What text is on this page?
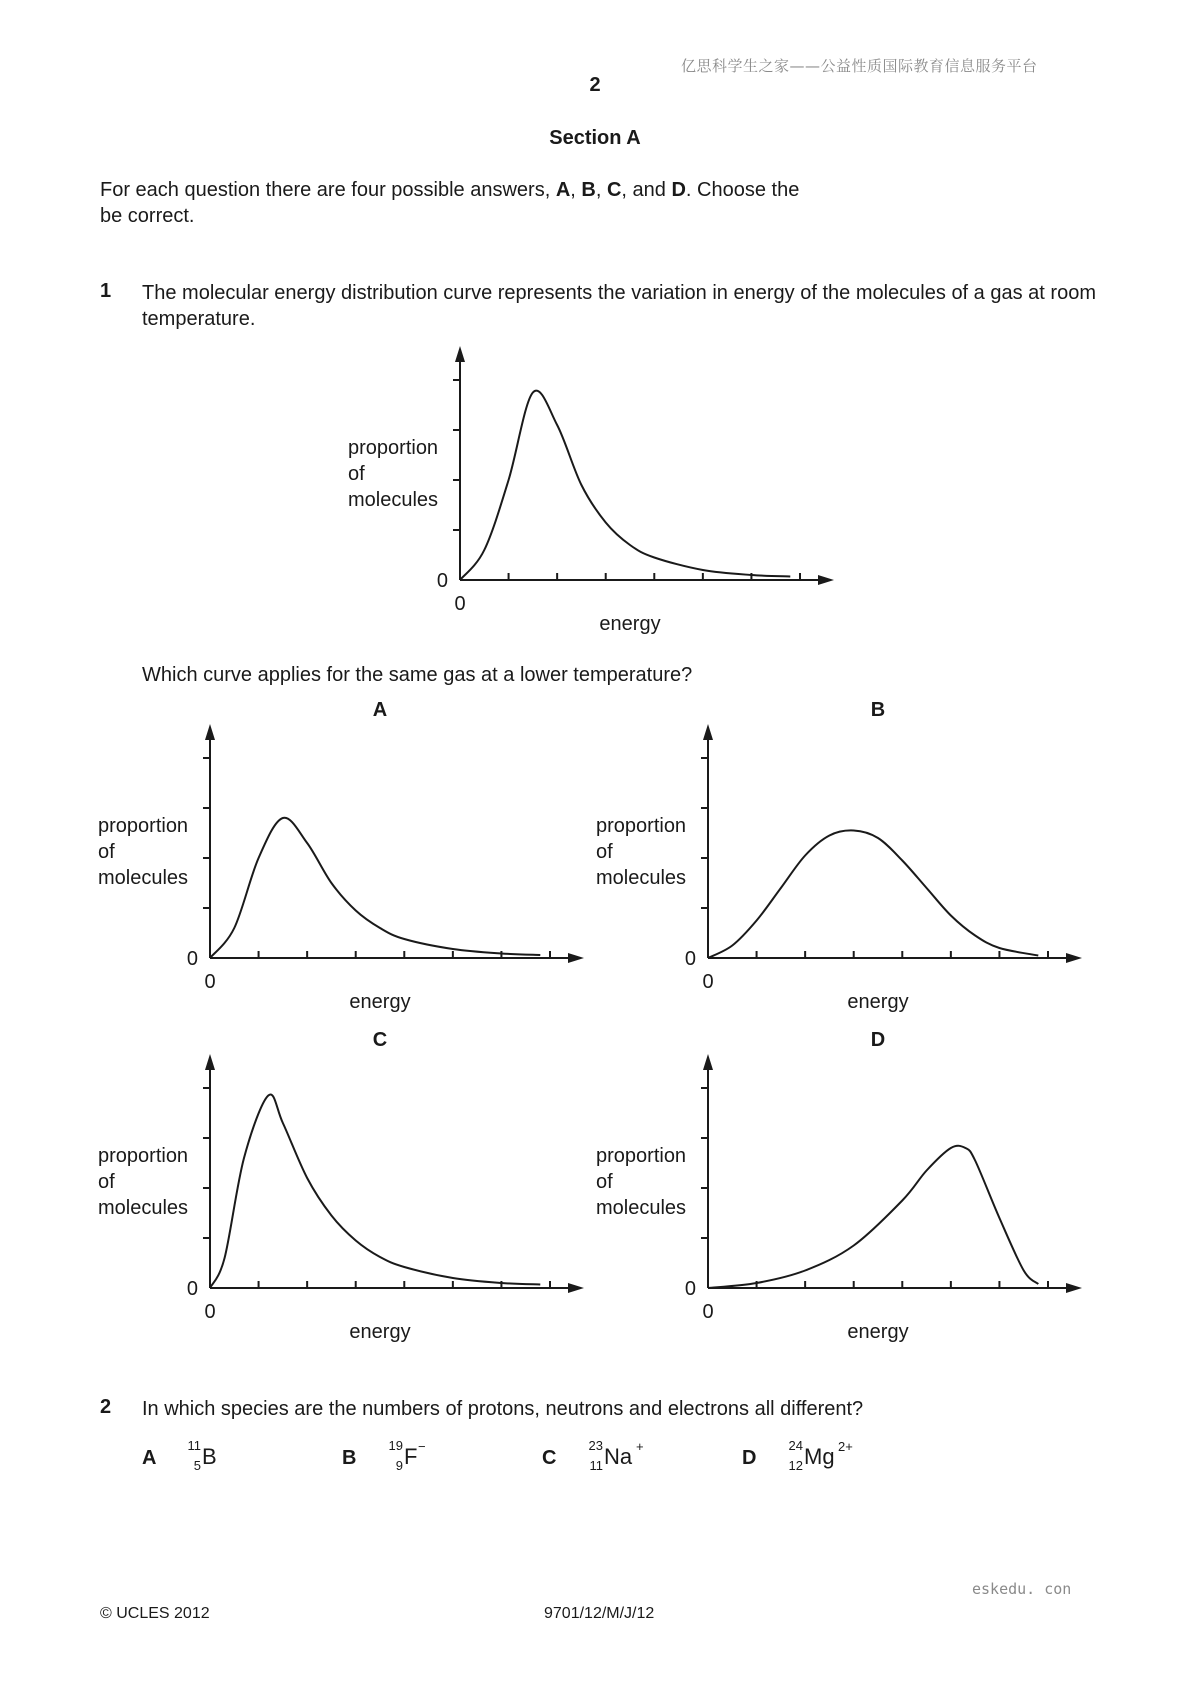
亿思科学生之家——公益性质国际教育信息服务平台
2
Section A
For each question there are four possible answers, A, B, C, and D. Choose the
be correct.
1 The molecular energy distribution curve represents the variation in energy of the molecules of a gas at room temperature.
0
0
energy
proportion
of
molecules
Which curve applies for the same gas at a lower temperature?
0
0
energy
proportion
of
molecules
A
0
0
energy
proportion
of
molecules
B
0
0
energy
proportion
of
molecules
C
0
0
energy
proportion
of
molecules
D
2 In which species are the numbers of protons, neutrons and electrons all different?
A
11
5 B	B
19
9 F −
C
23
11 Na +
D
24
12 Mg 2+
eskedu. con
© UCLES 2012	9701/12/M/J/12
